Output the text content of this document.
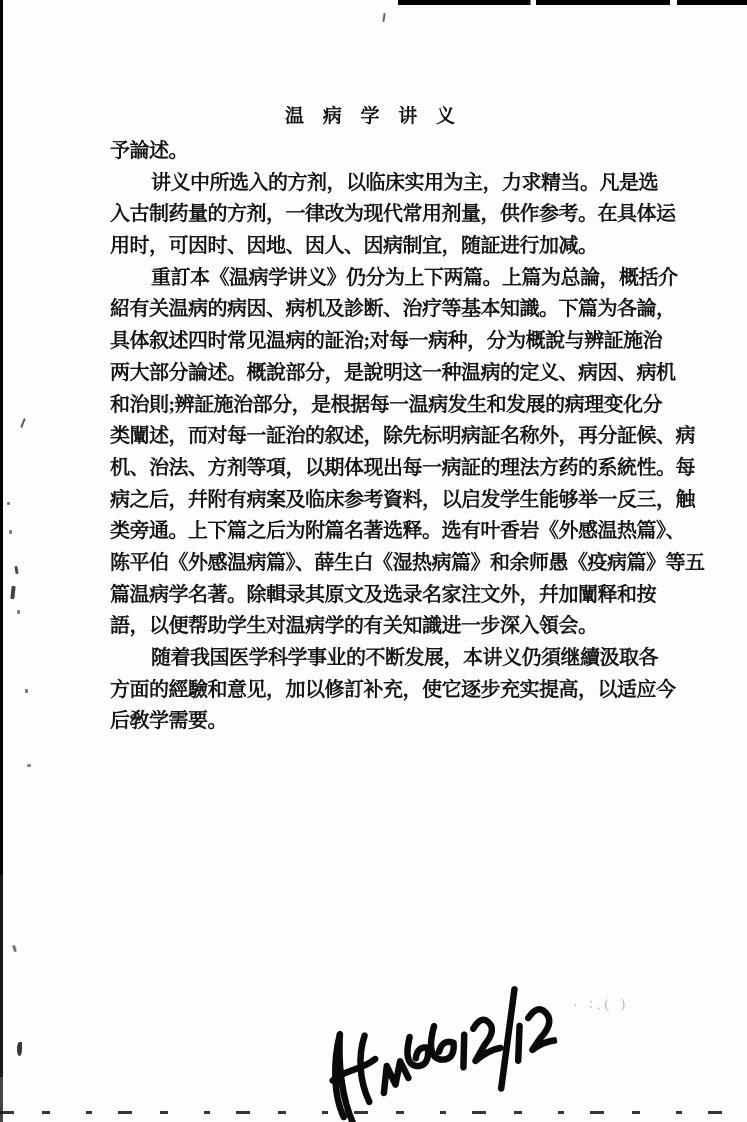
温 病 学 讲 义
予論述。
讲义中所选入的方剂，以临床实用为主，力求精当。凡是选
入古制药量的方剂，一律改为现代常用剂量，供作参考。在具体运
用时，可因时、因地、因人、因病制宜，随証进行加减。
重訂本《温病学讲义》仍分为上下两篇。上篇为总論，概括介
紹有关温病的病因、病机及診断、治疗等基本知識。下篇为各論，
具体叙述四时常见温病的証治;对每一病种，分为概說与辨証施治
两大部分論述。概說部分，是說明这一种温病的定义、病因、病机
和治則;辨証施治部分，是根据每一温病发生和发展的病理变化分
类闡述，而对每一証治的叙述，除先标明病証名称外，再分証候、病
机、治法、方剂等項，以期体现出每一病証的理法方药的系統性。每
病之后，幷附有病案及临床参考資料，以启发学生能够举一反三，触
类旁通。上下篇之后为附篇名著选释。选有叶香岩《外感温热篇》、
陈平伯《外感温病篇》、薛生白《湿热病篇》和余师愚《疫病篇》等五
篇温病学名著。除輯录其原文及选录名家注文外，幷加闡释和按
語，以便帮助学生对温病学的有关知識进一步深入領会。
随着我国医学科学事业的不断发展，本讲义仍須继續汲取各
方面的經驗和意见，加以修訂补充，使它逐步充实提高，以适应今
后敎学需要。
· ∶.( )
